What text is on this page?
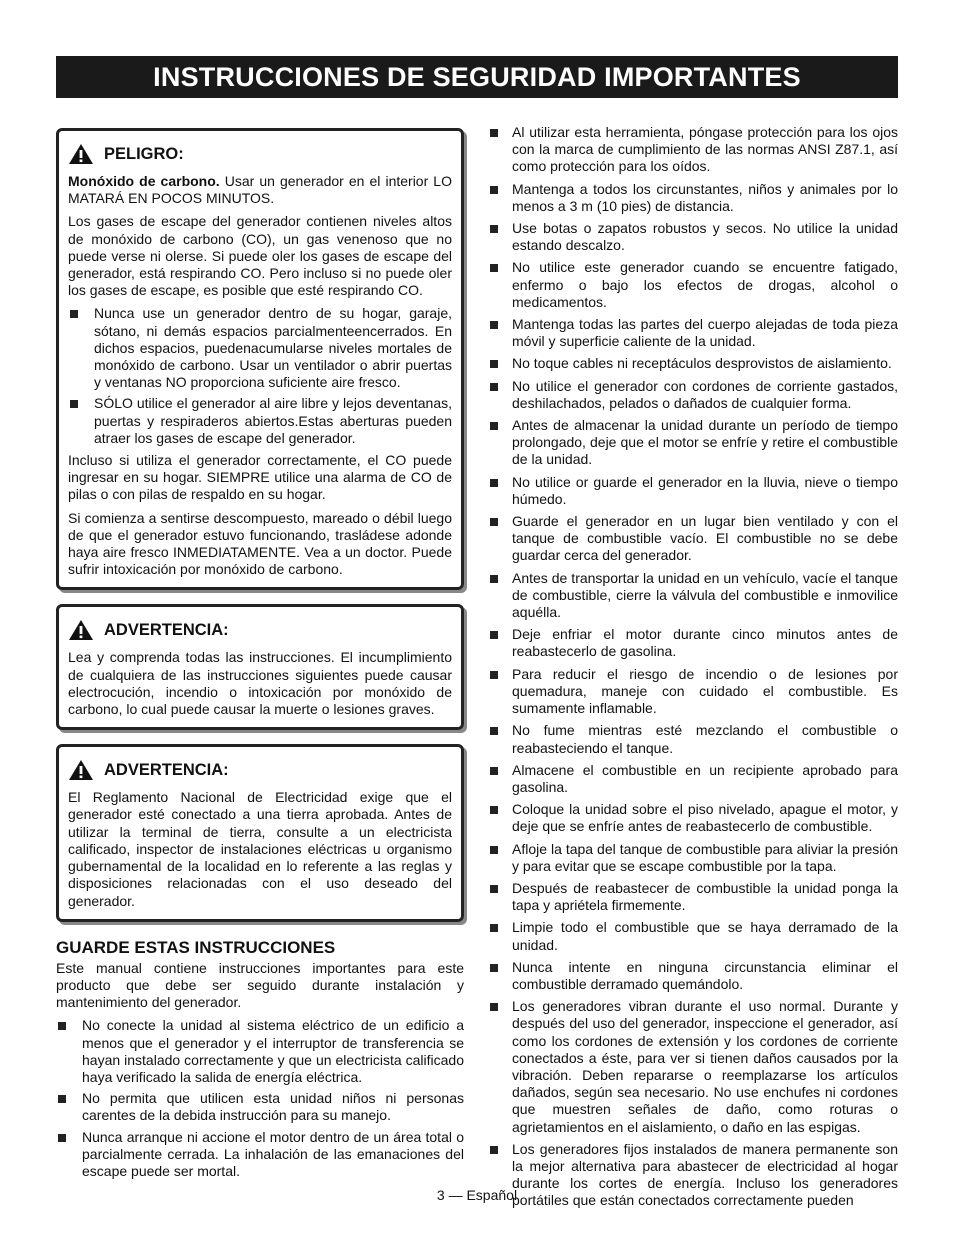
INSTRUCCIONES DE SEGURIDAD IMPORTANTES
PELIGRO:

Monóxido de carbono. Usar un generador en el interior LO MATARÁ EN POCOS MINUTOS.

Los gases de escape del generador contienen niveles altos de monóxido de carbono (CO), un gas venenoso que no puede verse ni olerse. Si puede oler los gases de escape del generador, está respirando CO. Pero incluso si no puede oler los gases de escape, es posible que esté respirando CO.

Nunca use un generador dentro de su hogar, garaje, sótano, ni demás espacios parcialmenteencerrados. En dichos espacios, puedenacumularse niveles mortales de monóxido de carbono. Usar un ventilador o abrir puertas y ventanas NO proporciona suficiente aire fresco.
SÓLO utilice el generador al aire libre y lejos deventanas, puertas y respiraderos abiertos.Estas aberturas pueden atraer los gases de escape del generador.

Incluso si utiliza el generador correctamente, el CO puede ingresar en su hogar. SIEMPRE utilice una alarma de CO de pilas o con pilas de respaldo en su hogar.

Si comienza a sentirse descompuesto, mareado o débil luego de que el generador estuvo funcionando, trasládese adonde haya aire fresco INMEDIATAMENTE. Vea a un doctor. Puede sufrir intoxicación por monóxido de carbono.

ADVERTENCIA:

Lea y comprenda todas las instrucciones. El incumplimiento de cualquiera de las instrucciones siguientes puede causar electrocución, incendio o intoxicación por monóxido de carbono, lo cual puede causar la muerte o lesiones graves.

ADVERTENCIA:

El Reglamento Nacional de Electricidad exige que el generador esté conectado a una tierra aprobada. Antes de utilizar la terminal de tierra, consulte a un electricista calificado, inspector de instalaciones eléctricas u organismo gubernamental de la localidad en lo referente a las reglas y disposiciones relacionadas con el uso deseado del generador.

GUARDE ESTAS INSTRUCCIONES

Este manual contiene instrucciones importantes para este producto que debe ser seguido durante instalación y mantenimiento del generador.

No conecte la unidad al sistema eléctrico de un edificio a menos que el generador y el interruptor de transferencia se hayan instalado correctamente y que un electricista calificado haya verificado la salida de energía eléctrica.
No permita que utilicen esta unidad niños ni personas carentes de la debida instrucción para su manejo.
Nunca arranque ni accione el motor dentro de un área total o parcialmente cerrada. La inhalación de las emanaciones del escape puede ser mortal.
Al utilizar esta herramienta, póngase protección para los ojos con la marca de cumplimiento de las normas ANSI Z87.1, así como protección para los oídos.
Mantenga a todos los circunstantes, niños y animales por lo menos a 3 m (10 pies) de distancia.
Use botas o zapatos robustos y secos. No utilice la unidad estando descalzo.
No utilice este generador cuando se encuentre fatigado, enfermo o bajo los efectos de drogas, alcohol o medicamentos.
Mantenga todas las partes del cuerpo alejadas de toda pieza móvil y superficie caliente de la unidad.
No toque cables ni receptáculos desprovistos de aislamiento.
No utilice el generador con cordones de corriente gastados, deshilachados, pelados o dañados de cualquier forma.
Antes de almacenar la unidad durante un período de tiempo prolongado, deje que el motor se enfríe y retire el combustible de la unidad.
No utilice or guarde el generador en la lluvia, nieve o tiempo húmedo.
Guarde el generador en un lugar bien ventilado y con el tanque de combustible vacío. El combustible no se debe guardar cerca del generador.
Antes de transportar la unidad en un vehículo, vacíe el tanque de combustible, cierre la válvula del combustible e inmovilice aquélla.
Deje enfriar el motor durante cinco minutos antes de reabastecerlo de gasolina.
Para reducir el riesgo de incendio o de lesiones por quemadura, maneje con cuidado el combustible. Es sumamente inflamable.
No fume mientras esté mezclando el combustible o reabasteciendo el tanque.
Almacene el combustible en un recipiente aprobado para gasolina.
Coloque la unidad sobre el piso nivelado, apague el motor, y deje que se enfríe antes de reabastecerlo de combustible.
Afloje la tapa del tanque de combustible para aliviar la presión y para evitar que se escape combustible por la tapa.
Después de reabastecer de combustible la unidad ponga la tapa y apriétela firmemente.
Limpie todo el combustible que se haya derramado de la unidad.
Nunca intente en ninguna circunstancia eliminar el combustible derramado quemándolo.
Los generadores vibran durante el uso normal. Durante y después del uso del generador, inspeccione el generador, así como los cordones de extensión y los cordones de corriente conectados a éste, para ver si tienen daños causados por la vibración. Deben repararse o reemplazarse los artículos dañados, según sea necesario. No use enchufes ni cordones que muestren señales de daño, como roturas o agrietamientos en el aislamiento, o daño en las espigas.
Los generadores fijos instalados de manera permanente son la mejor alternativa para abastecer de electricidad al hogar durante los cortes de energía. Incluso los generadores portátiles que están conectados correctamente pueden
3 — Español
